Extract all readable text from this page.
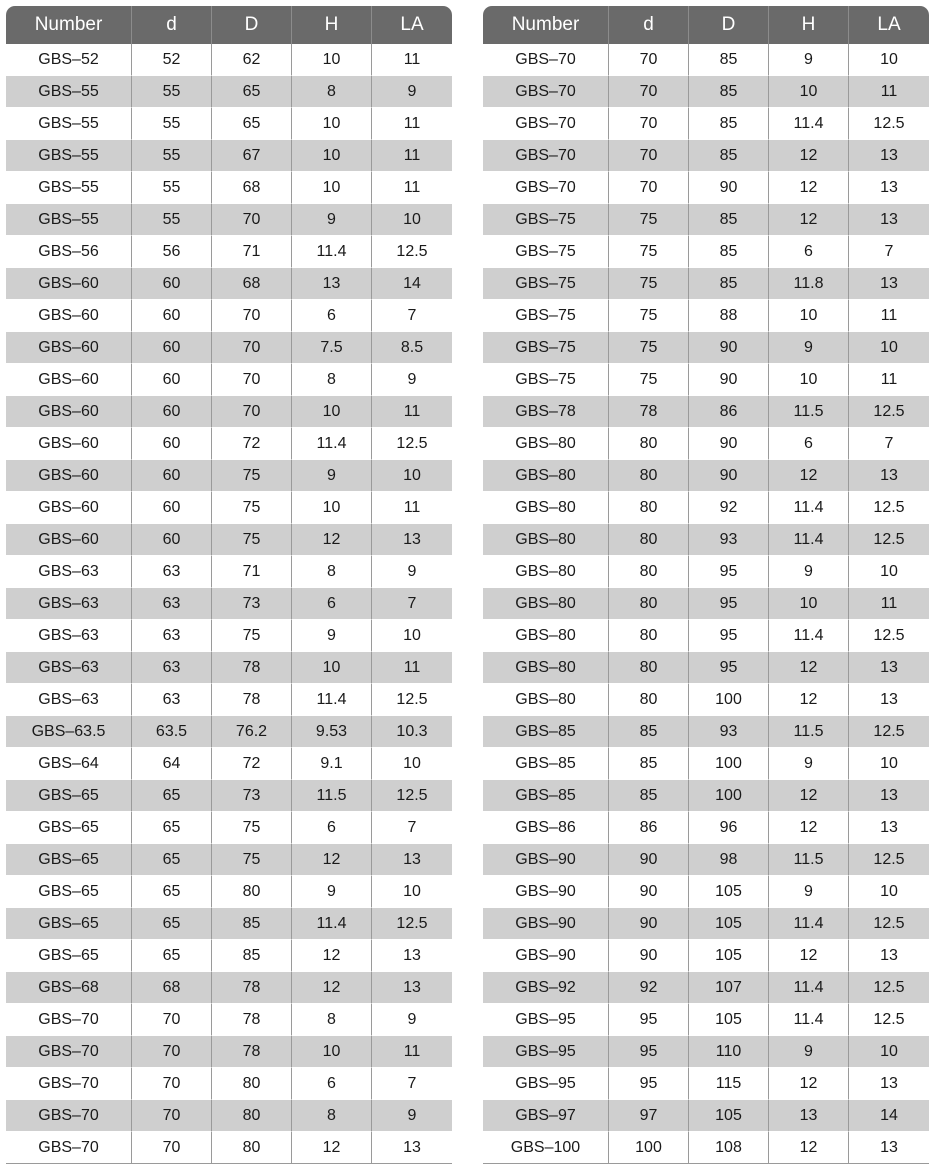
Number	d	D	H	LA
GBS–52	52	62	10	11
GBS–55	55	65	8	9
GBS–55	55	65	10	11
GBS–55	55	67	10	11
GBS–55	55	68	10	11
GBS–55	55	70	9	10
GBS–56	56	71	11.4	12.5
GBS–60	60	68	13	14
GBS–60	60	70	6	7
GBS–60	60	70	7.5	8.5
GBS–60	60	70	8	9
GBS–60	60	70	10	11
GBS–60	60	72	11.4	12.5
GBS–60	60	75	9	10
GBS–60	60	75	10	11
GBS–60	60	75	12	13
GBS–63	63	71	8	9
GBS–63	63	73	6	7
GBS–63	63	75	9	10
GBS–63	63	78	10	11
GBS–63	63	78	11.4	12.5
GBS–63.5	63.5	76.2	9.53	10.3
GBS–64	64	72	9.1	10
GBS–65	65	73	11.5	12.5
GBS–65	65	75	6	7
GBS–65	65	75	12	13
GBS–65	65	80	9	10
GBS–65	65	85	11.4	12.5
GBS–65	65	85	12	13
GBS–68	68	78	12	13
GBS–70	70	78	8	9
GBS–70	70	78	10	11
GBS–70	70	80	6	7
GBS–70	70	80	8	9
GBS–70	70	80	12	13
Number	d	D	H	LA
GBS–70	70	85	9	10
GBS–70	70	85	10	11
GBS–70	70	85	11.4	12.5
GBS–70	70	85	12	13
GBS–70	70	90	12	13
GBS–75	75	85	12	13
GBS–75	75	85	6	7
GBS–75	75	85	11.8	13
GBS–75	75	88	10	11
GBS–75	75	90	9	10
GBS–75	75	90	10	11
GBS–78	78	86	11.5	12.5
GBS–80	80	90	6	7
GBS–80	80	90	12	13
GBS–80	80	92	11.4	12.5
GBS–80	80	93	11.4	12.5
GBS–80	80	95	9	10
GBS–80	80	95	10	11
GBS–80	80	95	11.4	12.5
GBS–80	80	95	12	13
GBS–80	80	100	12	13
GBS–85	85	93	11.5	12.5
GBS–85	85	100	9	10
GBS–85	85	100	12	13
GBS–86	86	96	12	13
GBS–90	90	98	11.5	12.5
GBS–90	90	105	9	10
GBS–90	90	105	11.4	12.5
GBS–90	90	105	12	13
GBS–92	92	107	11.4	12.5
GBS–95	95	105	11.4	12.5
GBS–95	95	110	9	10
GBS–95	95	115	12	13
GBS–97	97	105	13	14
GBS–100	100	108	12	13
